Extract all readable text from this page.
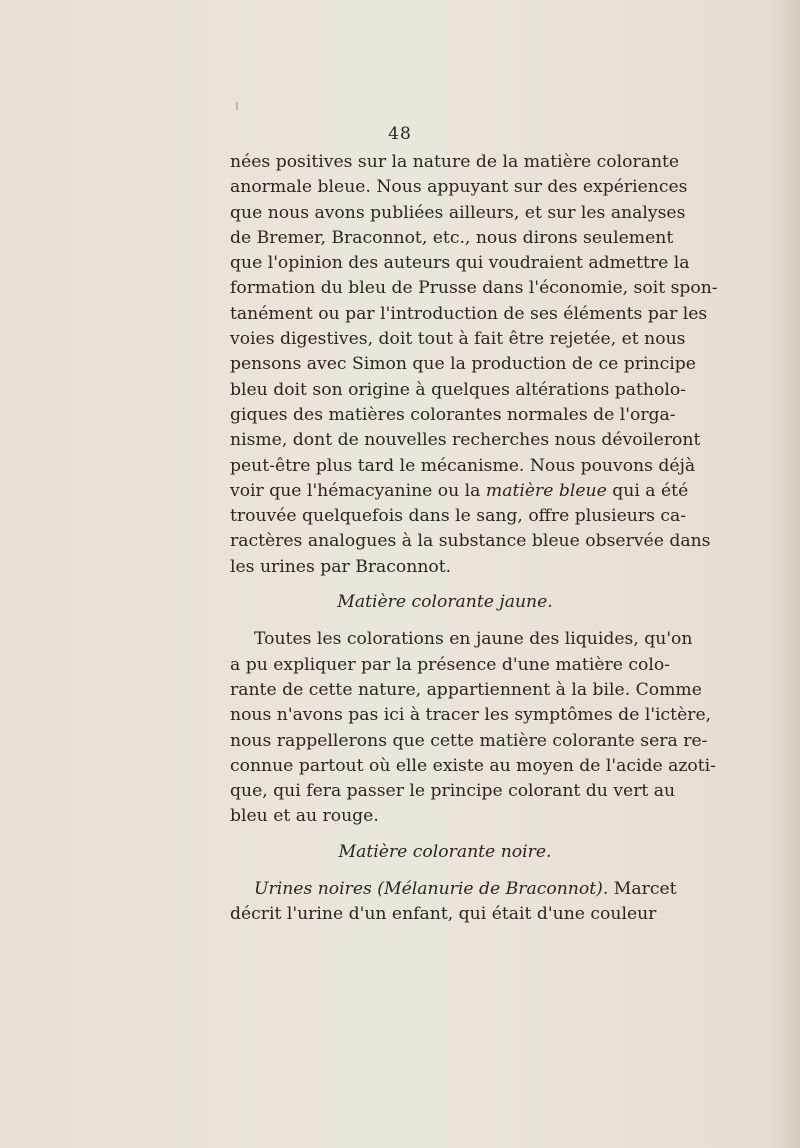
48
nées positives sur la nature de la matière colorante
anormale bleue. Nous appuyant sur des expériences
que nous avons publiées ailleurs, et sur les analyses
de Bremer, Braconnot, etc., nous dirons seulement
que l'opinion des auteurs qui voudraient admettre la
formation du bleu de Prusse dans l'économie, soit spon-
tanément ou par l'introduction de ses éléments par les
voies digestives, doit tout à fait être rejetée, et nous
pensons avec Simon que la production de ce principe
bleu doit son origine à quelques altérations patholo-
giques des matières colorantes normales de l'orga-
nisme, dont de nouvelles recherches nous dévoileront
peut-être plus tard le mécanisme. Nous pouvons déjà
voir que l'hémacyanine ou la matière bleue qui a été
trouvée quelquefois dans le sang, offre plusieurs ca-
ractères analogues à la substance bleue observée dans
les urines par Braconnot.
Matière colorante jaune.
Toutes les colorations en jaune des liquides, qu'on
a pu expliquer par la présence d'une matière colo-
rante de cette nature, appartiennent à la bile. Comme
nous n'avons pas ici à tracer les symptômes de l'ictère,
nous rappellerons que cette matière colorante sera re-
connue partout où elle existe au moyen de l'acide azoti-
que, qui fera passer le principe colorant du vert au
bleu et au rouge.
Matière colorante noire.
Urines noires (Mélanurie de Braconnot). Marcet
décrit l'urine d'un enfant, qui était d'une couleur
